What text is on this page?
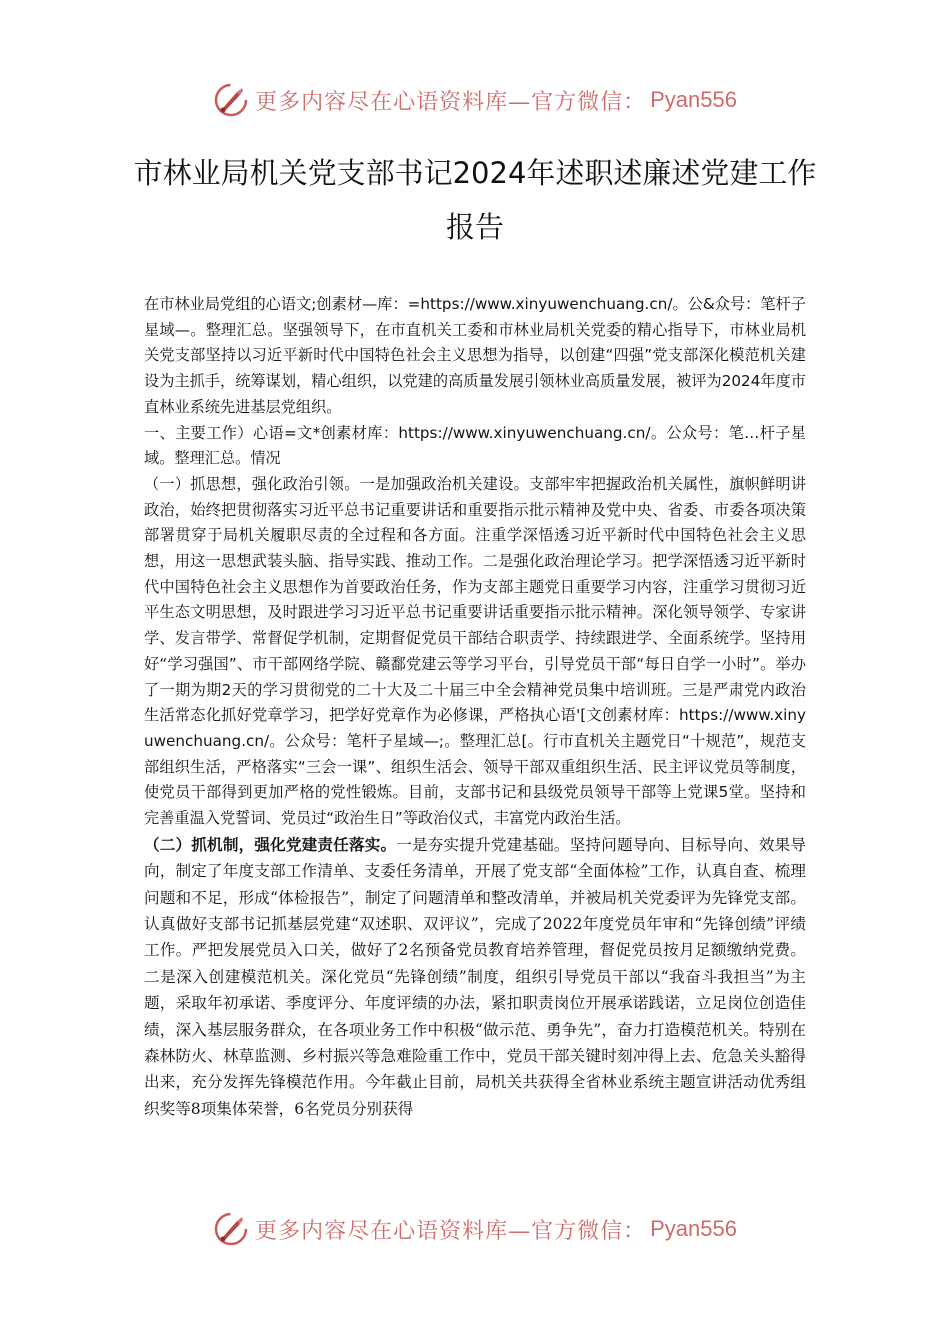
更多内容尽在心语资料库—官方微信： Pyan556
市林业局机关党支部书记2024年述职述廉述党建工作报告

在市林业局党组的心语文;创素材—库：=https://www.xinyuwenchuang.cn/。公&众号：笔杆子星域—。整理汇总。坚强领导下，在市直机关工委和市林业局机关党委的精心指导下，市林业局机关党支部坚持以习近平新时代中国特色社会主义思想为指导，以创建“四强”党支部深化模范机关建设为主抓手，统筹谋划，精心组织，以党建的高质量发展引领林业高质量发展，被评为2024年度市直林业系统先进基层党组织。

一、主要工作）心语=文*创素材库：https://www.xinyuwenchuang.cn/。公众号：笔…杆子星域。整理汇总。情况

（一）抓思想，强化政治引领。一是加强政治机关建设。支部牢牢把握政治机关属性，旗帜鲜明讲政治，始终把贯彻落实习近平总书记重要讲话和重要指示批示精神及党中央、省委、市委各项决策部署贯穿于局机关履职尽责的全过程和各方面。注重学深悟透习近平新时代中国特色社会主义思想，用这一思想武装头脑、指导实践、推动工作。二是强化政治理论学习。把学深悟透习近平新时代中国特色社会主义思想作为首要政治任务，作为支部主题党日重要学习内容，注重学习贯彻习近平生态文明思想，及时跟进学习习近平总书记重要讲话重要指示批示精神。深化领导领学、专家讲学、发言带学、常督促学机制，定期督促党员干部结合职责学、持续跟进学、全面系统学。坚持用好“学习强国”、市干部网络学院、赣鄱党建云等学习平台，引导党员干部“每日自学一小时”。举办了一期为期2天的学习贯彻党的二十大及二十届三中全会精神党员集中培训班。三是严肃党内政治生活常态化抓好党章学习，把学好党章作为必修课，严格执心语'[文创素材库：https://www.xinyuwenchuang.cn/。公众号：笔杆子星域—;。整理汇总[。行市直机关主题党日“十规范”，规范支部组织生活，严格落实“三会一课”、组织生活会、领导干部双重组织生活、民主评议党员等制度，使党员干部得到更加严格的党性锻炼。目前，支部书记和县级党员领导干部等上党课5堂。坚持和完善重温入党誓词、党员过“政治生日”等政治仪式，丰富党内政治生活。

（二）抓机制，强化党建责任落实。一是夯实提升党建基础。坚持问题导向、目标导向、效果导向，制定了年度支部工作清单、支委任务清单，开展了党支部“全面体检”工作，认真自查、梳理问题和不足，形成“体检报告”，制定了问题清单和整改清单，并被局机关党委评为先锋党支部。认真做好支部书记抓基层党建“双述职、双评议”，完成了2022年度党员年审和“先锋创绩”评绩工作。严把发展党员入口关，做好了2名预备党员教育培养管理，督促党员按月足额缴纳党费。二是深入创建模范机关。深化党员“先锋创绩”制度，组织引导党员干部以“我奋斗我担当”为主题，采取年初承诺、季度评分、年度评绩的办法，紧扣职责岗位开展承诺践诺，立足岗位创造佳绩，深入基层服务群众，在各项业务工作中积极“做示范、勇争先”，奋力打造模范机关。特别在森林防火、林草监测、乡村振兴等急难险重工作中，党员干部关键时刻冲得上去、危急关头豁得出来，充分发挥先锋模范作用。今年截止目前，局机关共获得全省林业系统主题宣讲活动优秀组织奖等8项集体荣誉，6名党员分别获得

更多内容尽在心语资料库—官方微信： Pyan556
